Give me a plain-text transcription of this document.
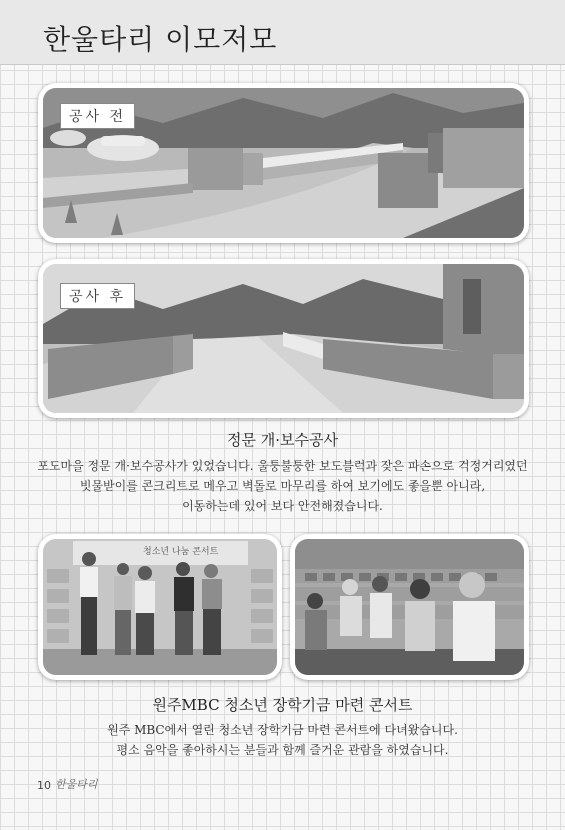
한울타리 이모저모
공사 전
공사 후
정문 개·보수공사
포도마을 정문 개·보수공사가 있었습니다. 울퉁불퉁한 보도블럭과 잦은 파손으로 걱정거리였던
빗물받이를 콘크리트로 메우고 벽돌로 마무리를 하여 보기에도 좋을뿐 아니라,
이동하는데 있어 보다 안전해졌습니다.
청소년 나눔 콘서트
원주MBC 청소년 장학기금 마련 콘서트
원주 MBC에서 열린 청소년 장학기금 마련 콘서트에 다녀왔습니다.
평소 음악을 좋아하시는 분들과 함께 즐거운 관람을 하였습니다.
10 한울타리
